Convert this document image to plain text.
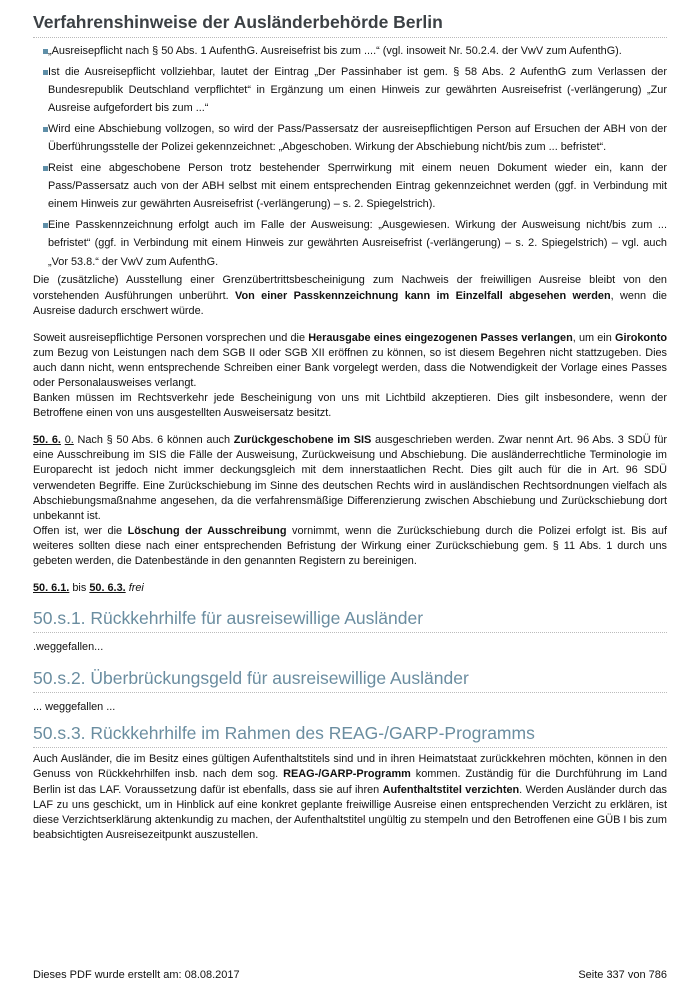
Verfahrenshinweise der Ausländerbehörde Berlin
„Ausreisepflicht nach § 50 Abs. 1 AufenthG. Ausreisefrist bis zum ....“ (vgl. insoweit Nr. 50.2.4. der VwV zum AufenthG).
Ist die Ausreisepflicht vollziehbar, lautet der Eintrag „Der Passinhaber ist gem. § 58 Abs. 2 AufenthG zum Verlassen der Bundesrepublik Deutschland verpflichtet“ in Ergänzung um einen Hinweis zur gewährten Ausreisefrist (-verlängerung) „Zur Ausreise aufgefordert bis zum ...“
Wird eine Abschiebung vollzogen, so wird der Pass/Passersatz der ausreisepflichtigen Person auf Ersuchen der ABH von der Überführungsstelle der Polizei gekennzeichnet: „Abgeschoben. Wirkung der Abschiebung nicht/bis zum ... befristet“.
Reist eine abgeschobene Person trotz bestehender Sperrwirkung mit einem neuen Dokument wieder ein, kann der Pass/Passersatz auch von der ABH selbst mit einem entsprechenden Eintrag gekennzeichnet werden (ggf. in Verbindung mit einem Hinweis zur gewährten Ausreisefrist (-verlängerung) – s. 2. Spiegelstrich).
Eine Passkennzeichnung erfolgt auch im Falle der Ausweisung: „Ausgewiesen. Wirkung der Ausweisung nicht/bis zum ... befristet“ (ggf. in Verbindung mit einem Hinweis zur gewährten Ausreisefrist (-verlängerung) – s. 2. Spiegelstrich) – vgl. auch „Vor 53.8.“ der VwV zum AufenthG.

Die (zusätzliche) Ausstellung einer Grenzübertrittsbescheinigung zum Nachweis der freiwilligen Ausreise bleibt von den vorstehenden Ausführungen unberührt. Von einer Passkennzeichnung kann im Einzelfall abgesehen werden, wenn die Ausreise dadurch erschwert würde.

Soweit ausreisepflichtige Personen vorsprechen und die Herausgabe eines eingezogenen Passes verlangen, um ein Girokonto zum Bezug von Leistungen nach dem SGB II oder SGB XII eröffnen zu können, so ist diesem Begehren nicht stattzugeben. Dies auch dann nicht, wenn entsprechende Schreiben einer Bank vorgelegt werden, dass die Notwendigkeit der Vorlage eines Passes oder Personalausweises verlangt.

Banken müssen im Rechtsverkehr jede Bescheinigung von uns mit Lichtbild akzeptieren. Dies gilt insbesondere, wenn der Betroffene einen von uns ausgestellten Ausweisersatz besitzt.

50. 6. 0. Nach § 50 Abs. 6 können auch Zurückgeschobene im SIS ausgeschrieben werden. Zwar nennt Art. 96 Abs. 3 SDÜ für eine Ausschreibung im SIS die Fälle der Ausweisung, Zurückweisung und Abschiebung. Die ausländerrechtliche Terminologie im Europarecht ist jedoch nicht immer deckungsgleich mit dem innerstaatlichen Recht. Dies gilt auch für die in Art. 96 SDÜ verwendeten Begriffe. Eine Zurückschiebung im Sinne des deutschen Rechts wird in ausländischen Rechtsordnungen vielfach als Abschiebungsmaßnahme angesehen, da die verfahrensmäßige Differenzierung zwischen Abschiebung und Zurückschiebung dort unbekannt ist.

Offen ist, wer die Löschung der Ausschreibung vornimmt, wenn die Zurückschiebung durch die Polizei erfolgt ist. Bis auf weiteres sollten diese nach einer entsprechenden Befristung der Wirkung einer Zurückschiebung gem. § 11 Abs. 1 durch uns gebeten werden, die Datenbestände in den genannten Registern zu bereinigen.

50. 6.1. bis 50. 6.3. frei

50.s.1. Rückkehrhilfe für ausreisewillige Ausländer

.weggefallen...

50.s.2. Überbrückungsgeld für ausreisewillige Ausländer

... weggefallen ...

50.s.3. Rückkehrhilfe im Rahmen des REAG-/GARP-Programms

Auch Ausländer, die im Besitz eines gültigen Aufenthaltstitels sind und in ihren Heimatstaat zurückkehren möchten, können in den Genuss von Rückkehrhilfen insb. nach dem sog. REAG-/GARP-Programm kommen. Zuständig für die Durchführung im Land Berlin ist das LAF. Voraussetzung dafür ist ebenfalls, dass sie auf ihren Aufenthaltstitel verzichten. Werden Ausländer durch das LAF zu uns geschickt, um in Hinblick auf eine konkret geplante freiwillige Ausreise einen entsprechenden Verzicht zu erklären, ist diese Verzichtserklärung aktenkundig zu machen, der Aufenthaltstitel ungültig zu stempeln und den Betroffenen eine GÜB I bis zum beabsichtigten Ausreisezeitpunkt auszustellen.

Dieses PDF wurde erstellt am: 08.08.2017	Seite 337 von 786
